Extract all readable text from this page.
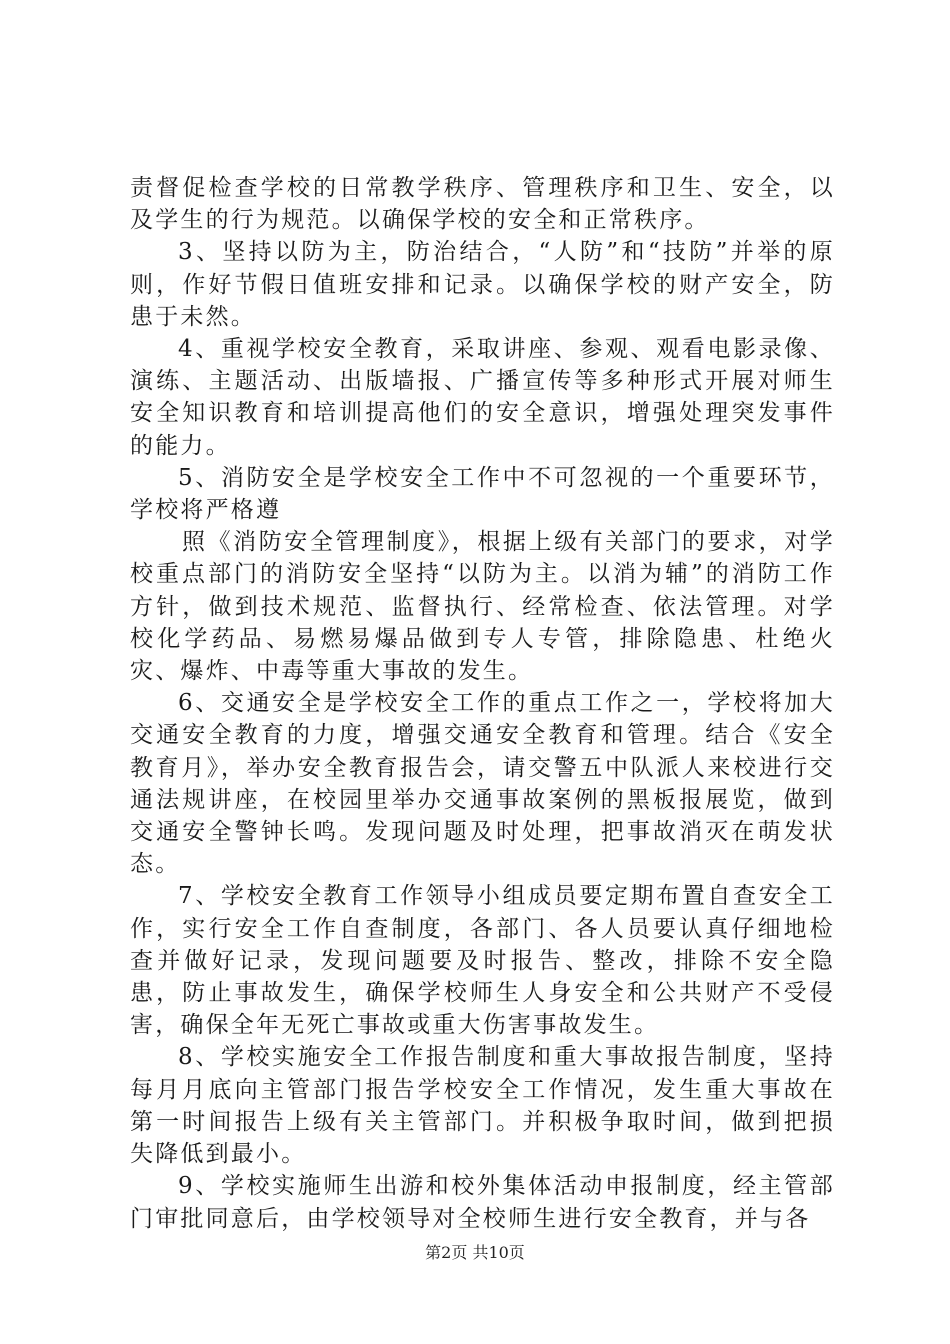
责督促检查学校的日常教学秩序、管理秩序和卫生、安全，以及学生的行为规范。以确保学校的安全和正常秩序。

3、坚持以防为主，防治结合，“人防”和“技防”并举的原则，作好节假日值班安排和记录。以确保学校的财产安全，防患于未然。

4、重视学校安全教育，采取讲座、参观、观看电影录像、演练、主题活动、出版墙报、广播宣传等多种形式开展对师生安全知识教育和培训提高他们的安全意识，增强处理突发事件的能力。

5、消防安全是学校安全工作中不可忽视的一个重要环节，学校将严格遵

照《消防安全管理制度》，根据上级有关部门的要求，对学校重点部门的消防安全坚持“以防为主。以消为辅”的消防工作方针，做到技术规范、监督执行、经常检查、依法管理。对学校化学药品、易燃易爆品做到专人专管，排除隐患、杜绝火灾、爆炸、中毒等重大事故的发生。

6、交通安全是学校安全工作的重点工作之一，学校将加大交通安全教育的力度，增强交通安全教育和管理。结合《安全教育月》，举办安全教育报告会，请交警五中队派人来校进行交通法规讲座，在校园里举办交通事故案例的黑板报展览，做到交通安全警钟长鸣。发现问题及时处理，把事故消灭在萌发状态。

7、学校安全教育工作领导小组成员要定期布置自查安全工作，实行安全工作自查制度，各部门、各人员要认真仔细地检查并做好记录，发现问题要及时报告、整改，排除不安全隐患，防止事故发生，确保学校师生人身安全和公共财产不受侵害，确保全年无死亡事故或重大伤害事故发生。

8、学校实施安全工作报告制度和重大事故报告制度，坚持每月月底向主管部门报告学校安全工作情况，发生重大事故在第一时间报告上级有关主管部门。并积极争取时间，做到把损失降低到最小。

9、学校实施师生出游和校外集体活动申报制度，经主管部门审批同意后，由学校领导对全校师生进行安全教育，并与各

第2页 共10页
